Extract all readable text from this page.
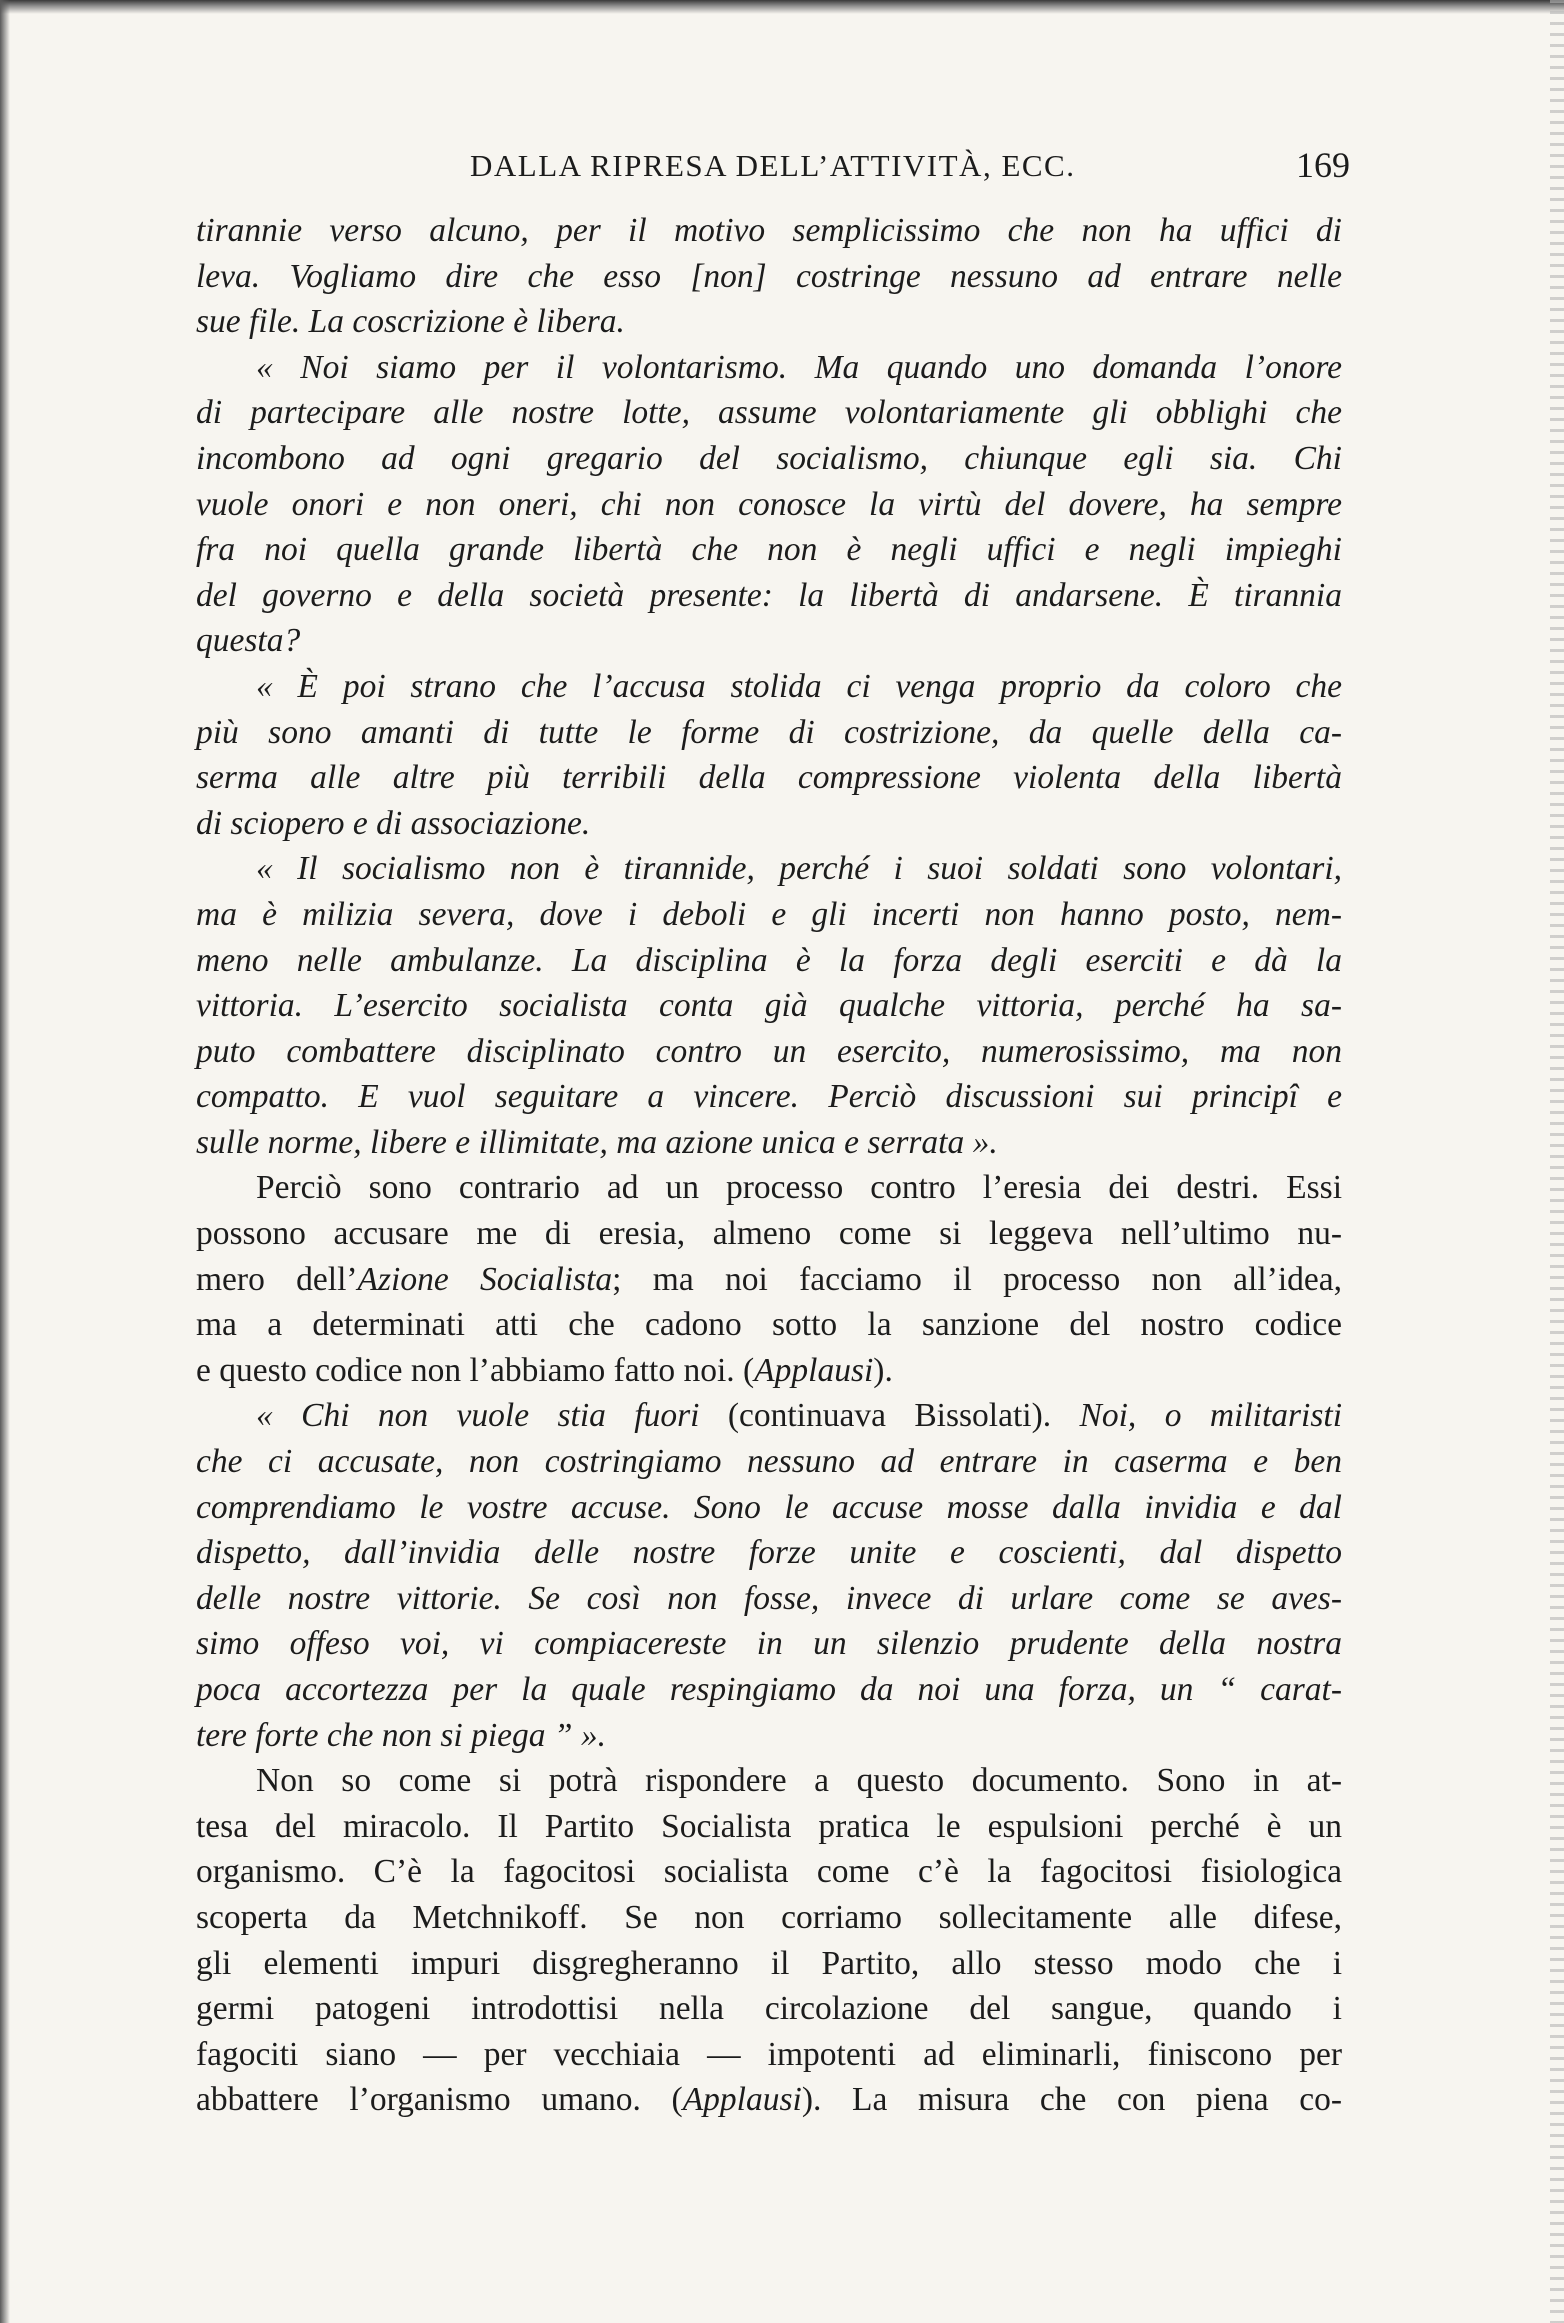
DALLA RIPRESA DELL’ATTIVITÀ, ECC.	169
tirannie verso alcuno, per il motivo semplicissimo che non ha uffici di
leva. Vogliamo dire che esso [non] costringe nessuno ad entrare nelle
sue file. La coscrizione è libera.
« Noi siamo per il volontarismo. Ma quando uno domanda l’onore
di partecipare alle nostre lotte, assume volontariamente gli obblighi che
incombono ad ogni gregario del socialismo, chiunque egli sia. Chi
vuole onori e non oneri, chi non conosce la virtù del dovere, ha sempre
fra noi quella grande libertà che non è negli uffici e negli impieghi
del governo e della società presente: la libertà di andarsene. È tirannia
questa?
« È poi strano che l’accusa stolida ci venga proprio da coloro che
più sono amanti di tutte le forme di costrizione, da quelle della ca-
serma alle altre più terribili della compressione violenta della libertà
di sciopero e di associazione.
« Il socialismo non è tirannide, perché i suoi soldati sono volontari,
ma è milizia severa, dove i deboli e gli incerti non hanno posto, nem-
meno nelle ambulanze. La disciplina è la forza degli eserciti e dà la
vittoria. L’esercito socialista conta già qualche vittoria, perché ha sa-
puto combattere disciplinato contro un esercito, numerosissimo, ma non
compatto. E vuol seguitare a vincere. Perciò discussioni sui principî e
sulle norme, libere e illimitate, ma azione unica e serrata ».
Perciò sono contrario ad un processo contro l’eresia dei destri. Essi
possono accusare me di eresia, almeno come si leggeva nell’ultimo nu-
mero dell’Azione Socialista; ma noi facciamo il processo non all’idea,
ma a determinati atti che cadono sotto la sanzione del nostro codice
e questo codice non l’abbiamo fatto noi. (Applausi).
« Chi non vuole stia fuori (continuava Bissolati). Noi, o militaristi
che ci accusate, non costringiamo nessuno ad entrare in caserma e ben
comprendiamo le vostre accuse. Sono le accuse mosse dalla invidia e dal
dispetto, dall’invidia delle nostre forze unite e coscienti, dal dispetto
delle nostre vittorie. Se così non fosse, invece di urlare come se aves-
simo offeso voi, vi compiacereste in un silenzio prudente della nostra
poca accortezza per la quale respingiamo da noi una forza, un “ carat-
tere forte che non si piega ” ».
Non so come si potrà rispondere a questo documento. Sono in at-
tesa del miracolo. Il Partito Socialista pratica le espulsioni perché è un
organismo. C’è la fagocitosi socialista come c’è la fagocitosi fisiologica
scoperta da Metchnikoff. Se non corriamo sollecitamente alle difese,
gli elementi impuri disgregheranno il Partito, allo stesso modo che i
germi patogeni introdottisi nella circolazione del sangue, quando i
fagociti siano — per vecchiaia — impotenti ad eliminarli, finiscono per
abbattere l’organismo umano. (Applausi). La misura che con piena co-
